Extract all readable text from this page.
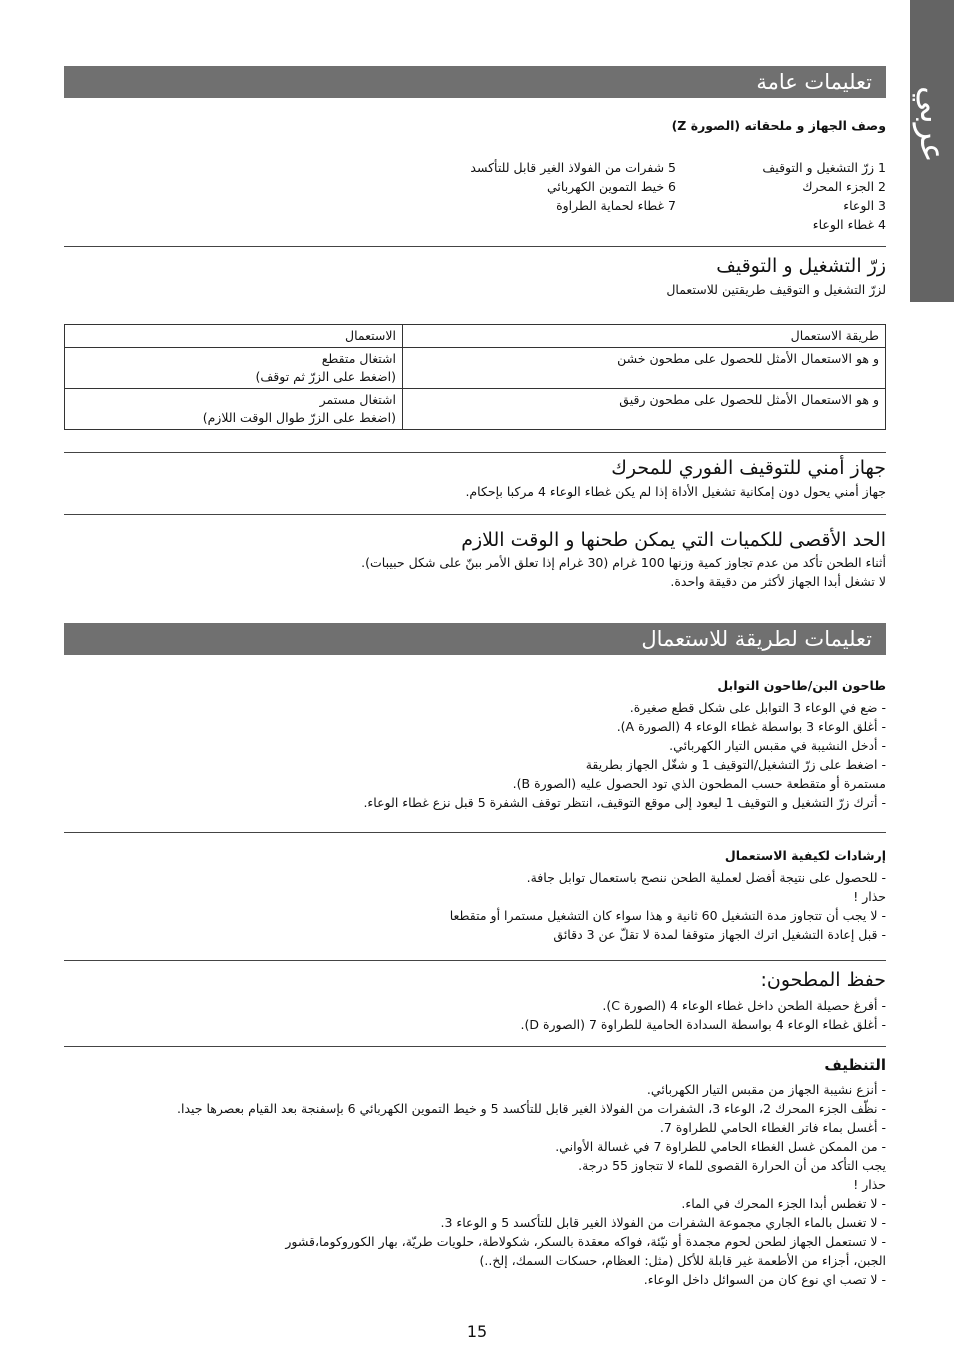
عربي
تعليمات عامة
وصف الجهاز و ملحقاته (الصورة Z)
1 زرّ التشغيل و التوقيف
2 الجزء المحرك
3 الوعاء
4 غطاء الوعاء
5 شفرات من الفولاذ الغير قابل للتأكسد
6 خيط التموين الكهربائي
7 غطاء لحماية الطراوة
زرّ التشغيل و التوقيف
لزرّ التشغيل و التوقيف طريقتين للاستعمال
طريقة الاستعمال	الاستعمال
و هو الاستعمال الأمثل للحصول على مطحون خشن	اشتغال متقطع
(اضغط على الزرّ ثم توقف)

و هو الاستعمال الأمثل للحصول على مطحون رقيق	اشتغال مستمر
(اضغط على الزرّ طوال الوقت اللازم)
جهاز أمني للتوقيف الفوري للمحرك
جهاز أمني يحول دون إمكانية تشغيل الأداة إذا لم يكن غطاء الوعاء 4 مركبا بإحكام.
الحد الأقصى للكميات التي يمكن طحنها و الوقت اللازم
أثناء الطحن تأكد من عدم تجاوز كمية وزنها 100 غرام (30 غرام إذا تعلق الأمر ببنّ على شكل حبيبات).
لا تشغل أبدا الجهاز لأكثر من دقيقة واحدة.
تعليمات لطريقة للاستعمال
طاحون البن/طاحون التوابل
- ضع في الوعاء 3 التوابل على شكل قطع صغيرة.
- أغلق الوعاء 3 بواسطة غطاء الوعاء 4 (الصورة A).
- أدخل النشيبة في مقبس التيار الكهربائي.
- اضغط على زرّ التشغيل/التوقيف 1 و شغّل الجهاز بطريقة
مستمرة أو متقطعة حسب المطحون الذي تود الحصول عليه (الصورة B).
- أترك زرّ التشغيل و التوقيف 1 ليعود إلى موقع التوقيف، انتظر توقف الشفرة 5 قبل نزع غطاء الوعاء.
إرشادات لكيفية الاستعمال
- للحصول على نتيجة أفضل لعملية الطحن ننصح باستعمال توابل جافة.
حذار !
- لا يجب أن تتجاوز مدة التشغيل 60 ثانية و هذا سواء كان التشغيل مستمرا أو متقطعا
- قبل إعادة التشغيل اترك الجهاز متوقفا لمدة لا تقلّ عن 3 دقائق
حفظ المطحون:
- أفرغ حصيلة الطحن داخل غطاء الوعاء 4 (الصورة C).
- أغلق غطاء الوعاء 4 بواسطة السدادة الحامية للطراوة 7 (الصورة D).
التنظيف
- أنزع نشيبة الجهاز من مقبس التيار الكهربائي.
- نظّف الجزء المحرك 2، الوعاء 3، الشفرات من الفولاذ الغير قابل للتأكسد 5 و خيط التموين الكهربائي 6 بإسفنجة بعد القيام بعصرها جيدا.
- أغسل بماء فاتر الغطاء الحامي للطراوة 7.
- من الممكن غسل الغطاء الحامي للطراوة 7 في غسالة الأواني.
يجب التأكد من أن الحرارة القصوى للماء لا تتجاوز 55 درجة.
حذار !
- لا تغطس أبدا الجزء المحرك في الماء.
- لا تغسل بالماء الجاري مجموعة الشفرات من الفولاذ الغير قابل للتأكسد 5 و الوعاء 3.
- لا تستعمل الجهاز لطحن لحوم مجمدة أو نيّئة، فواكه معقدة بالسكر، شكولاطة، حلويات طريّة، بهار الكوروكوما،قشور
الجبن، أجزاء من الأطعمة غير قابلة للأكل (مثل: العظام، حسكات السمك، إلخ..)
- لا تصب اي نوع كان من السوائل داخل الوعاء.
15
